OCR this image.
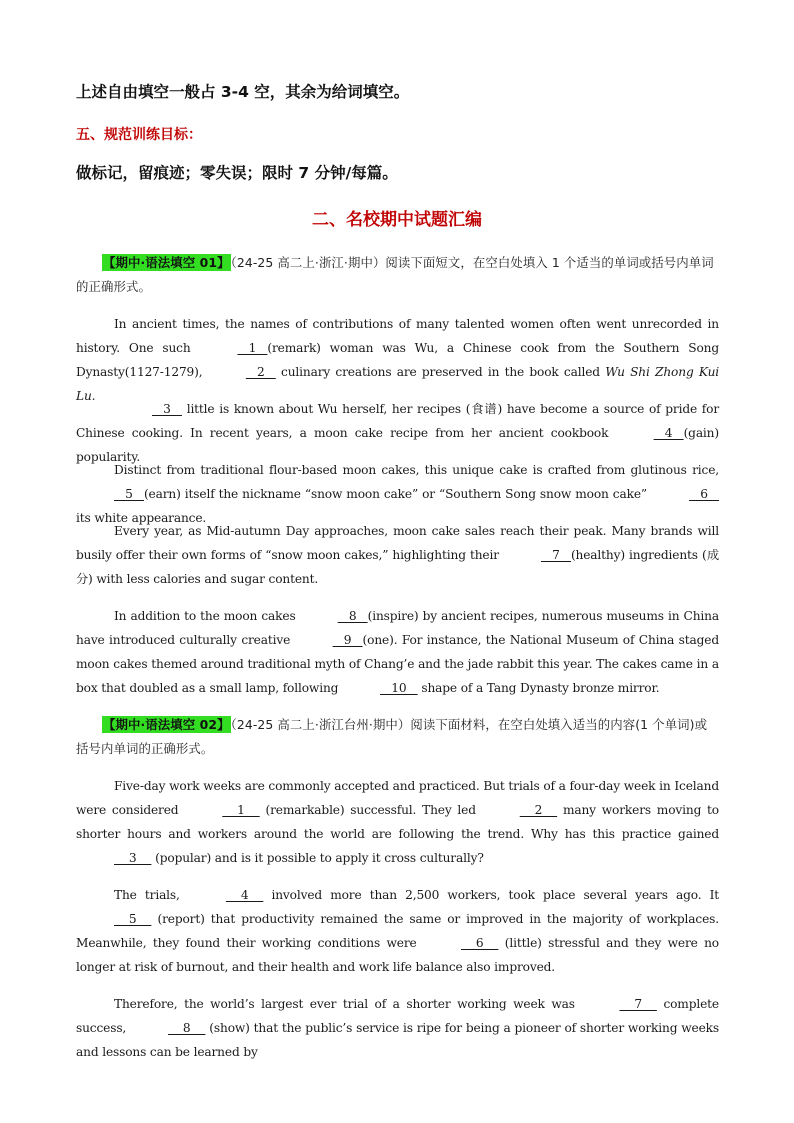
上述自由填空一般占 3-4 空，其余为给词填空。
五、规范训练目标：
做标记，留痕迹；零失误；限时 7 分钟/每篇。
二、名校期中试题汇编
【期中·语法填空 01】（24-25 高二上·浙江·期中）阅读下面短文，在空白处填入 1 个适当的单词或括号内单词的正确形式。

In ancient times, the names of contributions of many talented women often went unrecorded in history. One such	1   (remark) woman was Wu, a Chinese cook from the Southern Song Dynasty(1127-1279),	2    culinary creations are preserved in the book called Wu Shi Zhong Kui Lu.

3    little is known about Wu herself, her recipes (食谱) have become a source of pride for Chinese cooking. In recent years, a moon cake recipe from her ancient cookbook	4   (gain) popularity.

Distinct from traditional flour-based moon cakes, this unique cake is crafted from glutinous rice,    5   (earn) itself the nickname “snow moon cake” or “Southern Song snow moon cake”	6    its white appearance.

Every year, as Mid-autumn Day approaches, moon cake sales reach their peak. Many brands will busily offer their own forms of “snow moon cakes,” highlighting their	7   (healthy) ingredients (成分) with less calories and sugar content.

In addition to the moon cakes	8   (inspire) by ancient recipes, numerous museums in China have introduced culturally creative	9   (one). For instance, the National Museum of China staged moon cakes themed around traditional myth of Chang’e and the jade rabbit this year. The cakes came in a box that doubled as a small lamp, following	10    shape of a Tang Dynasty bronze mirror.

【期中·语法填空 02】（24-25 高二上·浙江台州·期中）阅读下面材料，在空白处填入适当的内容(1 个单词)或括号内单词的正确形式。

Five-day work weeks are commonly accepted and practiced. But trials of a four-day week in Iceland were considered	1     (remarkable) successful. They led	2     many workers moving to shorter hours and workers around the world are following the trend. Why has this practice gained     3     (popular) and is it possible to apply it cross culturally?

The trials,	4     involved more than 2,500 workers, took place several years ago. It     5     (report) that productivity remained the same or improved in the majority of workplaces. Meanwhile, they found their working conditions were	6     (little) stressful and they were no longer at risk of burnout, and their health and work life balance also improved.

Therefore, the world’s largest ever trial of a shorter working week was	7     complete success,	8     (show) that the public’s service is ripe for being a pioneer of shorter working weeks and lessons can be learned by
